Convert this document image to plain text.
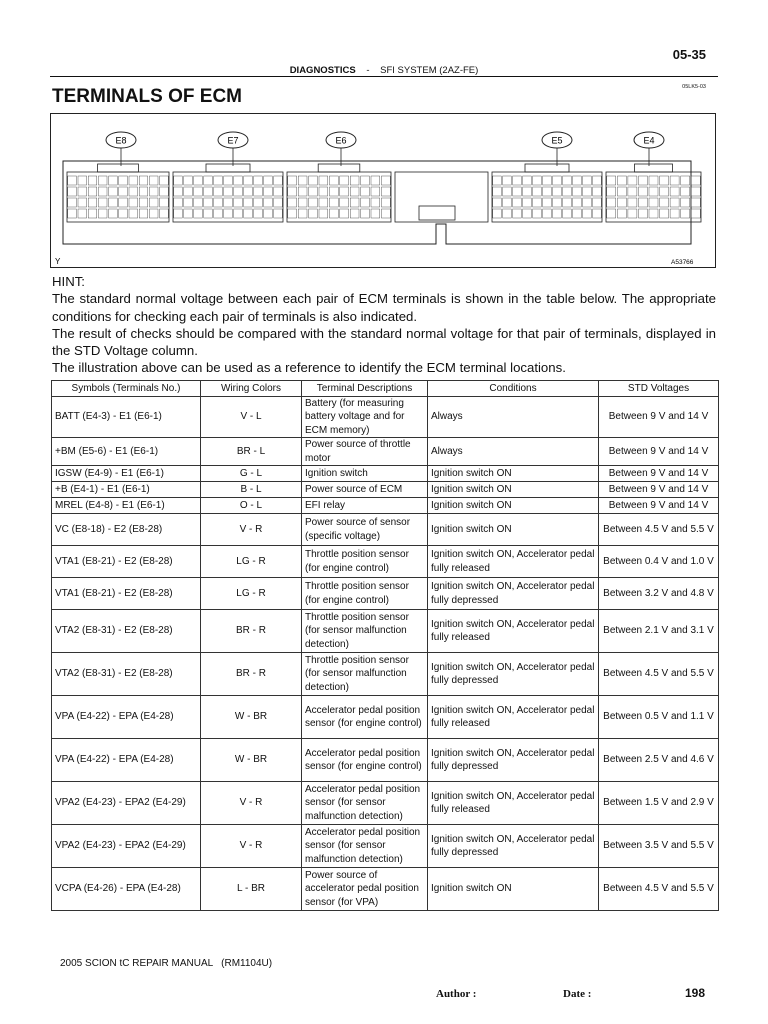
05-35
DIAGNOSTICS - SFI SYSTEM (2AZ-FE)
TERMINALS OF ECM	05LK5-03
E8	E7	E6	E5	E4
Y	A53766

HINT:

The standard normal voltage between each pair of ECM terminals is shown in the table below. The appropriate conditions for checking each pair of terminals is also indicated.

The result of checks should be compared with the standard normal voltage for that pair of terminals, displayed in the STD Voltage column.

The illustration above can be used as a reference to identify the ECM terminal locations.

Symbols (Terminals No.)	Wiring Colors	Terminal Descriptions	Conditions	STD Voltages
BATT (E4-3) - E1 (E6-1)	V - L	Battery (for measuring battery voltage and for ECM memory)	Always	Between 9 V and 14 V
+BM (E5-6) - E1 (E6-1)	BR - L	Power source of throttle motor	Always	Between 9 V and 14 V
IGSW (E4-9) - E1 (E6-1)	G - L	Ignition switch	Ignition switch ON	Between 9 V and 14 V
+B (E4-1) - E1 (E6-1)	B - L	Power source of ECM	Ignition switch ON	Between 9 V and 14 V
MREL (E4-8) - E1 (E6-1)	O - L	EFI relay	Ignition switch ON	Between 9 V and 14 V
VC (E8-18) - E2 (E8-28)	V - R	Power source of sensor (specific voltage)	Ignition switch ON	Between 4.5 V and 5.5 V
VTA1 (E8-21) - E2 (E8-28)	LG - R	Throttle position sensor (for engine control)	Ignition switch ON, Accelerator pedal fully released	Between 0.4 V and 1.0 V
VTA1 (E8-21) - E2 (E8-28)	LG - R	Throttle position sensor (for engine control)	Ignition switch ON, Accelerator pedal fully depressed	Between 3.2 V and 4.8 V
VTA2 (E8-31) - E2 (E8-28)	BR - R	Throttle position sensor (for sensor malfunction detection)	Ignition switch ON, Accelerator pedal fully released	Between 2.1 V and 3.1 V
VTA2 (E8-31) - E2 (E8-28)	BR - R	Throttle position sensor (for sensor malfunction detection)	Ignition switch ON, Accelerator pedal fully depressed	Between 4.5 V and 5.5 V
VPA (E4-22) - EPA (E4-28)	W - BR	Accelerator pedal position sensor (for engine control)	Ignition switch ON, Accelerator pedal fully released	Between 0.5 V and 1.1 V
VPA (E4-22) - EPA (E4-28)	W - BR	Accelerator pedal position sensor (for engine control)	Ignition switch ON, Accelerator pedal fully depressed	Between 2.5 V and 4.6 V
VPA2 (E4-23) - EPA2 (E4-29)	V - R	Accelerator pedal position sensor (for sensor malfunction detection)	Ignition switch ON, Accelerator pedal fully released	Between 1.5 V and 2.9 V
VPA2 (E4-23) - EPA2 (E4-29)	V - R	Accelerator pedal position sensor (for sensor malfunction detection)	Ignition switch ON, Accelerator pedal fully depressed	Between 3.5 V and 5.5 V
VCPA (E4-26) - EPA (E4-28)	L - BR	Power source of accelerator pedal position sensor (for VPA)	Ignition switch ON	Between 4.5 V and 5.5 V
2005 SCION tC REPAIR MANUAL   (RM1104U)
Author :	Date :	198
